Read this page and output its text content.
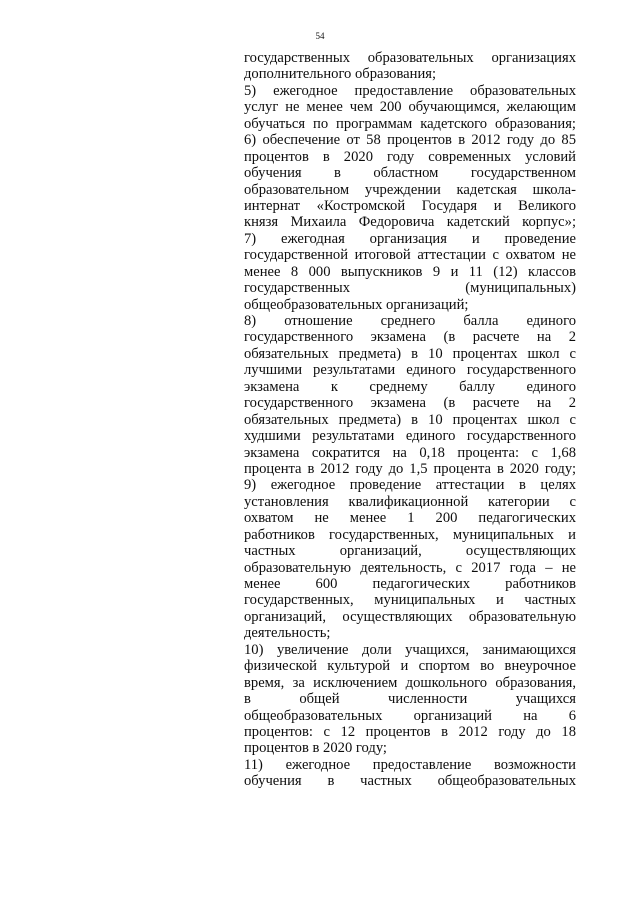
54
государственных образовательных организациях
дополнительного образования;
5) ежегодное предоставление образовательных
услуг не менее чем 200 обучающимся, желающим
обучаться по программам кадетского образования;
6) обеспечение от 58 процентов в 2012 году до 85
процентов в 2020 году современных условий
обучения в областном государственном
образовательном учреждении кадетская школа-
интернат «Костромской Государя и Великого
князя Михаила Федоровича кадетский корпус»;
7) ежегодная организация и проведение
государственной итоговой аттестации с охватом не
менее 8 000 выпускников 9 и 11 (12) классов
государственных (муниципальных)
общеобразовательных организаций;
8) отношение среднего балла единого
государственного экзамена (в расчете на 2
обязательных предмета) в 10 процентах школ с
лучшими результатами единого государственного
экзамена к среднему баллу единого
государственного экзамена (в расчете на 2
обязательных предмета) в 10 процентах школ с
худшими результатами единого государственного
экзамена сократится на 0,18 процента: с 1,68
процента в 2012 году до 1,5 процента в 2020 году;
9) ежегодное проведение аттестации в целях
установления квалификационной категории с
охватом не менее 1 200 педагогических
работников государственных, муниципальных и
частных организаций, осуществляющих
образовательную деятельность, с 2017 года – не
менее 600 педагогических работников
государственных, муниципальных и частных
организаций, осуществляющих образовательную
деятельность;
10) увеличение доли учащихся, занимающихся
физической культурой и спортом во внеурочное
время, за исключением дошкольного образования,
в общей численности учащихся
общеобразовательных организаций на 6
процентов: с 12 процентов в 2012 году до 18
процентов в 2020 году;
11) ежегодное предоставление возможности
обучения в частных общеобразовательных
